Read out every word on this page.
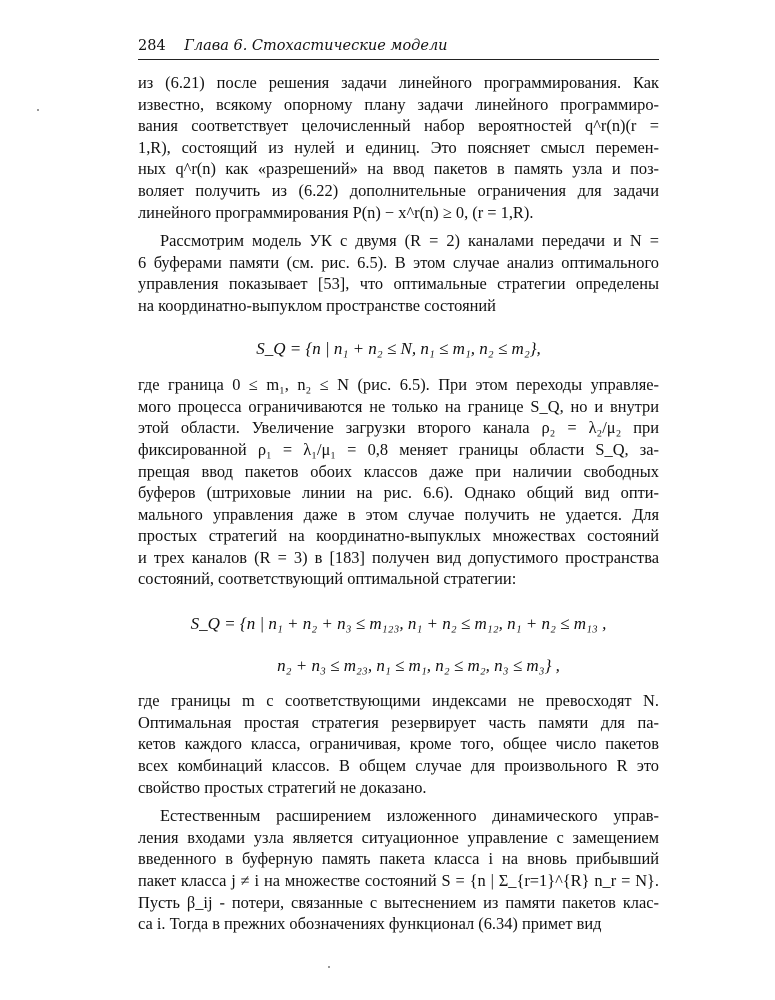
284 Глава 6. Стохастические модели
из (6.21) после решения задачи линейного программирования. Как
известно, всякому опорному плану задачи линейного программиро-
вания соответствует целочисленный набор вероятностей q^r(n)(r =
1,R), состоящий из нулей и единиц. Это поясняет смысл перемен-
ных q^r(n) как «разрешений» на ввод пакетов в память узла и поз-
воляет получить из (6.22) дополнительные ограничения для задачи
линейного программирования P(n) − x^r(n) ≥ 0, (r = 1,R).
Рассмотрим модель УК с двумя (R = 2) каналами передачи и N =
6 буферами памяти (см. рис. 6.5). В этом случае анализ оптимального
управления показывает [53], что оптимальные стратегии определены
на координатно-выпуклом пространстве состояний
S_Q = {n | n₁ + n₂ ≤ N, n₁ ≤ m₁, n₂ ≤ m₂},
где граница 0 ≤ m₁, n₂ ≤ N (рис. 6.5). При этом переходы управляе-
мого процесса ограничиваются не только на границе S_Q, но и внутри
этой области. Увеличение загрузки второго канала ρ₂ = λ₂/μ₂ при
фиксированной ρ₁ = λ₁/μ₁ = 0,8 меняет границы области S_Q, за-
прещая ввод пакетов обоих классов даже при наличии свободных
буферов (штриховые линии на рис. 6.6). Однако общий вид опти-
мального управления даже в этом случае получить не удается. Для
простых стратегий на координатно-выпуклых множествах состояний
и трех каналов (R = 3) в [183] получен вид допустимого пространства
состояний, соответствующий оптимальной стратегии:
S_Q = {n | n₁ + n₂ + n₃ ≤ m₁₂₃, n₁ + n₂ ≤ m₁₂, n₁ + n₂ ≤ m₁₃ ,
n₂ + n₃ ≤ m₂₃, n₁ ≤ m₁, n₂ ≤ m₂, n₃ ≤ m₃} ,
где границы m с соответствующими индексами не превосходят N.
Оптимальная простая стратегия резервирует часть памяти для па-
кетов каждого класса, ограничивая, кроме того, общее число пакетов
всех комбинаций классов. В общем случае для произвольного R это
свойство простых стратегий не доказано.
Естественным расширением изложенного динамического управ-
ления входами узла является ситуационное управление с замещением
введенного в буферную память пакета класса i на вновь прибывший
пакет класса j ≠ i на множестве состояний S = {n | Σ_{r=1}^{R} n_r = N}.
Пусть β_ij - потери, связанные с вытеснением из памяти пакетов клас-
са i. Тогда в прежних обозначениях функционал (6.34) примет вид
